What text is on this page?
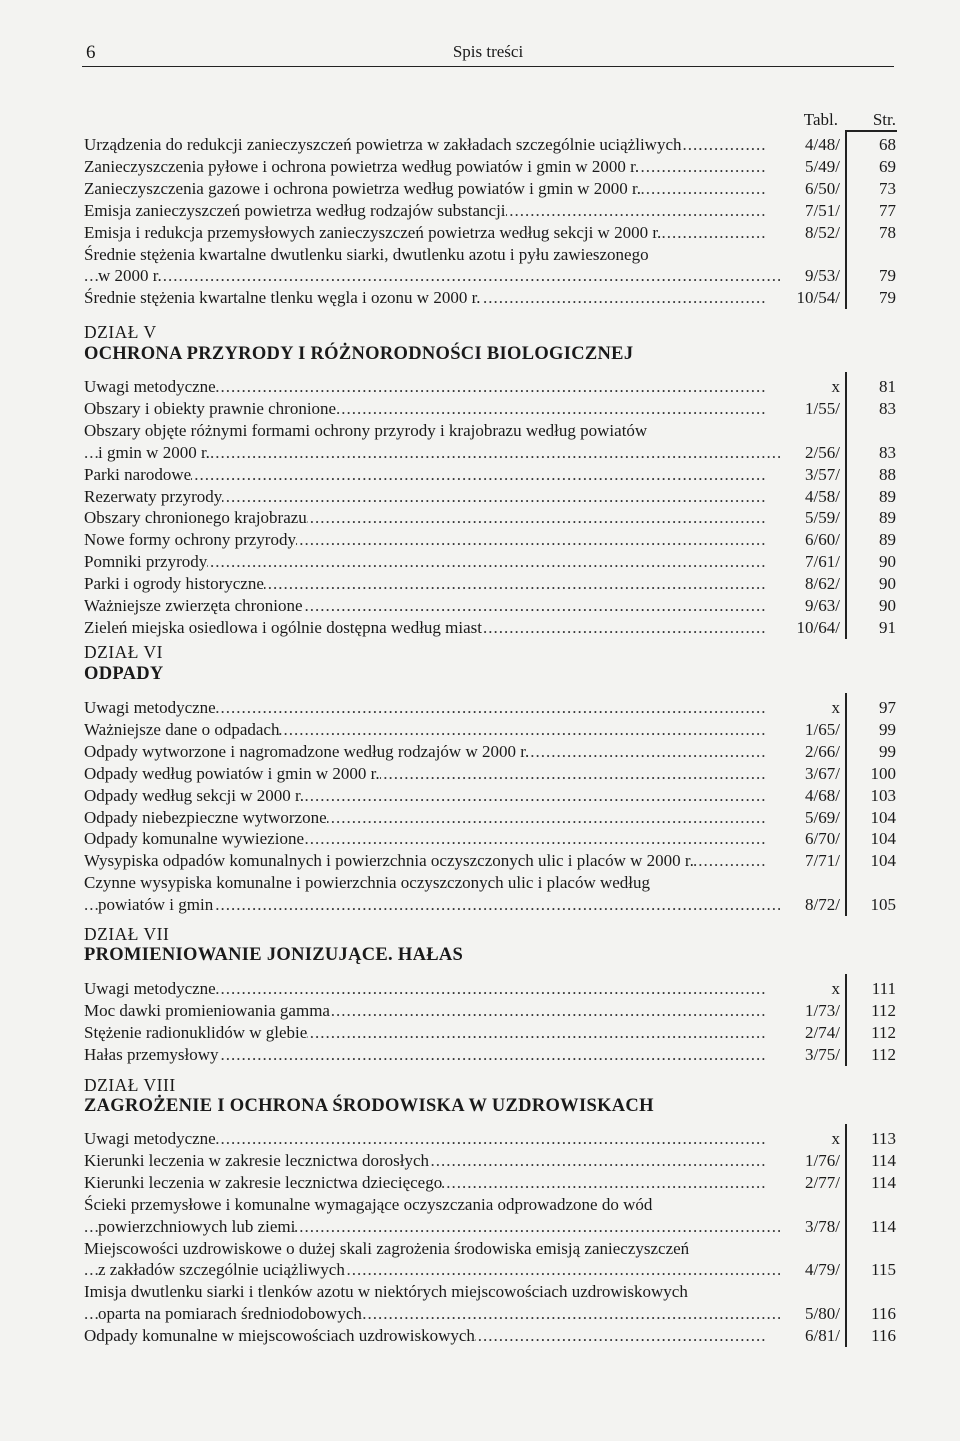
6	Spis treści
Tabl.	Str.
DZIAŁ V
OCHRONA PRZYRODY I RÓŻNORODNOŚCI BIOLOGICZNEJ
DZIAŁ VI
ODPADY
DZIAŁ VII
PROMIENIOWANIE JONIZUJĄCE. HAŁAS
DZIAŁ VIII
ZAGROŻENIE I OCHRONA ŚRODOWISKA W UZDROWISKACH
Urządzenia do redukcji zanieczyszczeń powietrza w zakładach szczególnie uciążliwych .....	4/48/	68
Zanieczyszczenia pyłowe i ochrona powietrza według powiatów i gmin w 2000 r. .....	5/49/	69
Zanieczyszczenia gazowe i ochrona powietrza według powiatów i gmin w 2000 r. .....	6/50/	73
Emisja zanieczyszczeń powietrza według rodzajów substancji .....	7/51/	77
Emisja i redukcja przemysłowych zanieczyszczeń powietrza według sekcji w 2000 r. .....	8/52/	78
Średnie stężenia kwartalne dwutlenku siarki, dwutlenku azotu i pyłu zawieszonego
w 2000 r. .....	9/53/	79
Średnie stężenia kwartalne tlenku węgla i ozonu w 2000 r. .....	10/54/	79
Uwagi metodyczne .....	x	81
Obszary i obiekty prawnie chronione .....	1/55/	83
Obszary objęte różnymi formami ochrony przyrody i krajobrazu według powiatów
i gmin w 2000 r. .....	2/56/	83
Parki narodowe .....	3/57/	88
Rezerwaty przyrody .....	4/58/	89
Obszary chronionego krajobrazu .....	5/59/	89
Nowe formy ochrony przyrody .....	6/60/	89
Pomniki przyrody .....	7/61/	90
Parki i ogrody historyczne .....	8/62/	90
Ważniejsze zwierzęta chronione .....	9/63/	90
Zieleń miejska osiedlowa i ogólnie dostępna według miast .....	10/64/	91
Uwagi metodyczne .....	x	97
Ważniejsze dane o odpadach .....	1/65/	99
Odpady wytworzone i nagromadzone według rodzajów w 2000 r. .....	2/66/	99
Odpady według powiatów i gmin w 2000 r. .....	3/67/	100
Odpady według sekcji w 2000 r. .....	4/68/	103
Odpady niebezpieczne wytworzone .....	5/69/	104
Odpady komunalne wywiezione .....	6/70/	104
Wysypiska odpadów komunalnych i powierzchnia oczyszczonych ulic i placów w 2000 r. .....	7/71/	104
Czynne wysypiska komunalne i powierzchnia oczyszczonych ulic i placów według
powiatów i gmin .....	8/72/	105
Uwagi metodyczne .....	x	111
Moc dawki promieniowania gamma .....	1/73/	112
Stężenie radionuklidów w glebie .....	2/74/	112
Hałas przemysłowy .....	3/75/	112
Uwagi metodyczne .....	x	113
Kierunki leczenia w zakresie lecznictwa dorosłych .....	1/76/	114
Kierunki leczenia w zakresie lecznictwa dziecięcego .....	2/77/	114
Ścieki przemysłowe i komunalne wymagające oczyszczania odprowadzone do wód
powierzchniowych lub ziemi .....	3/78/	114
Miejscowości uzdrowiskowe o dużej skali zagrożenia środowiska emisją zanieczyszczeń
z zakładów szczególnie uciążliwych .....	4/79/	115
Imisja dwutlenku siarki i tlenków azotu w niektórych miejscowościach uzdrowiskowych
oparta na pomiarach średniodobowych .....	5/80/	116
Odpady komunalne w miejscowościach uzdrowiskowych .....	6/81/	116
